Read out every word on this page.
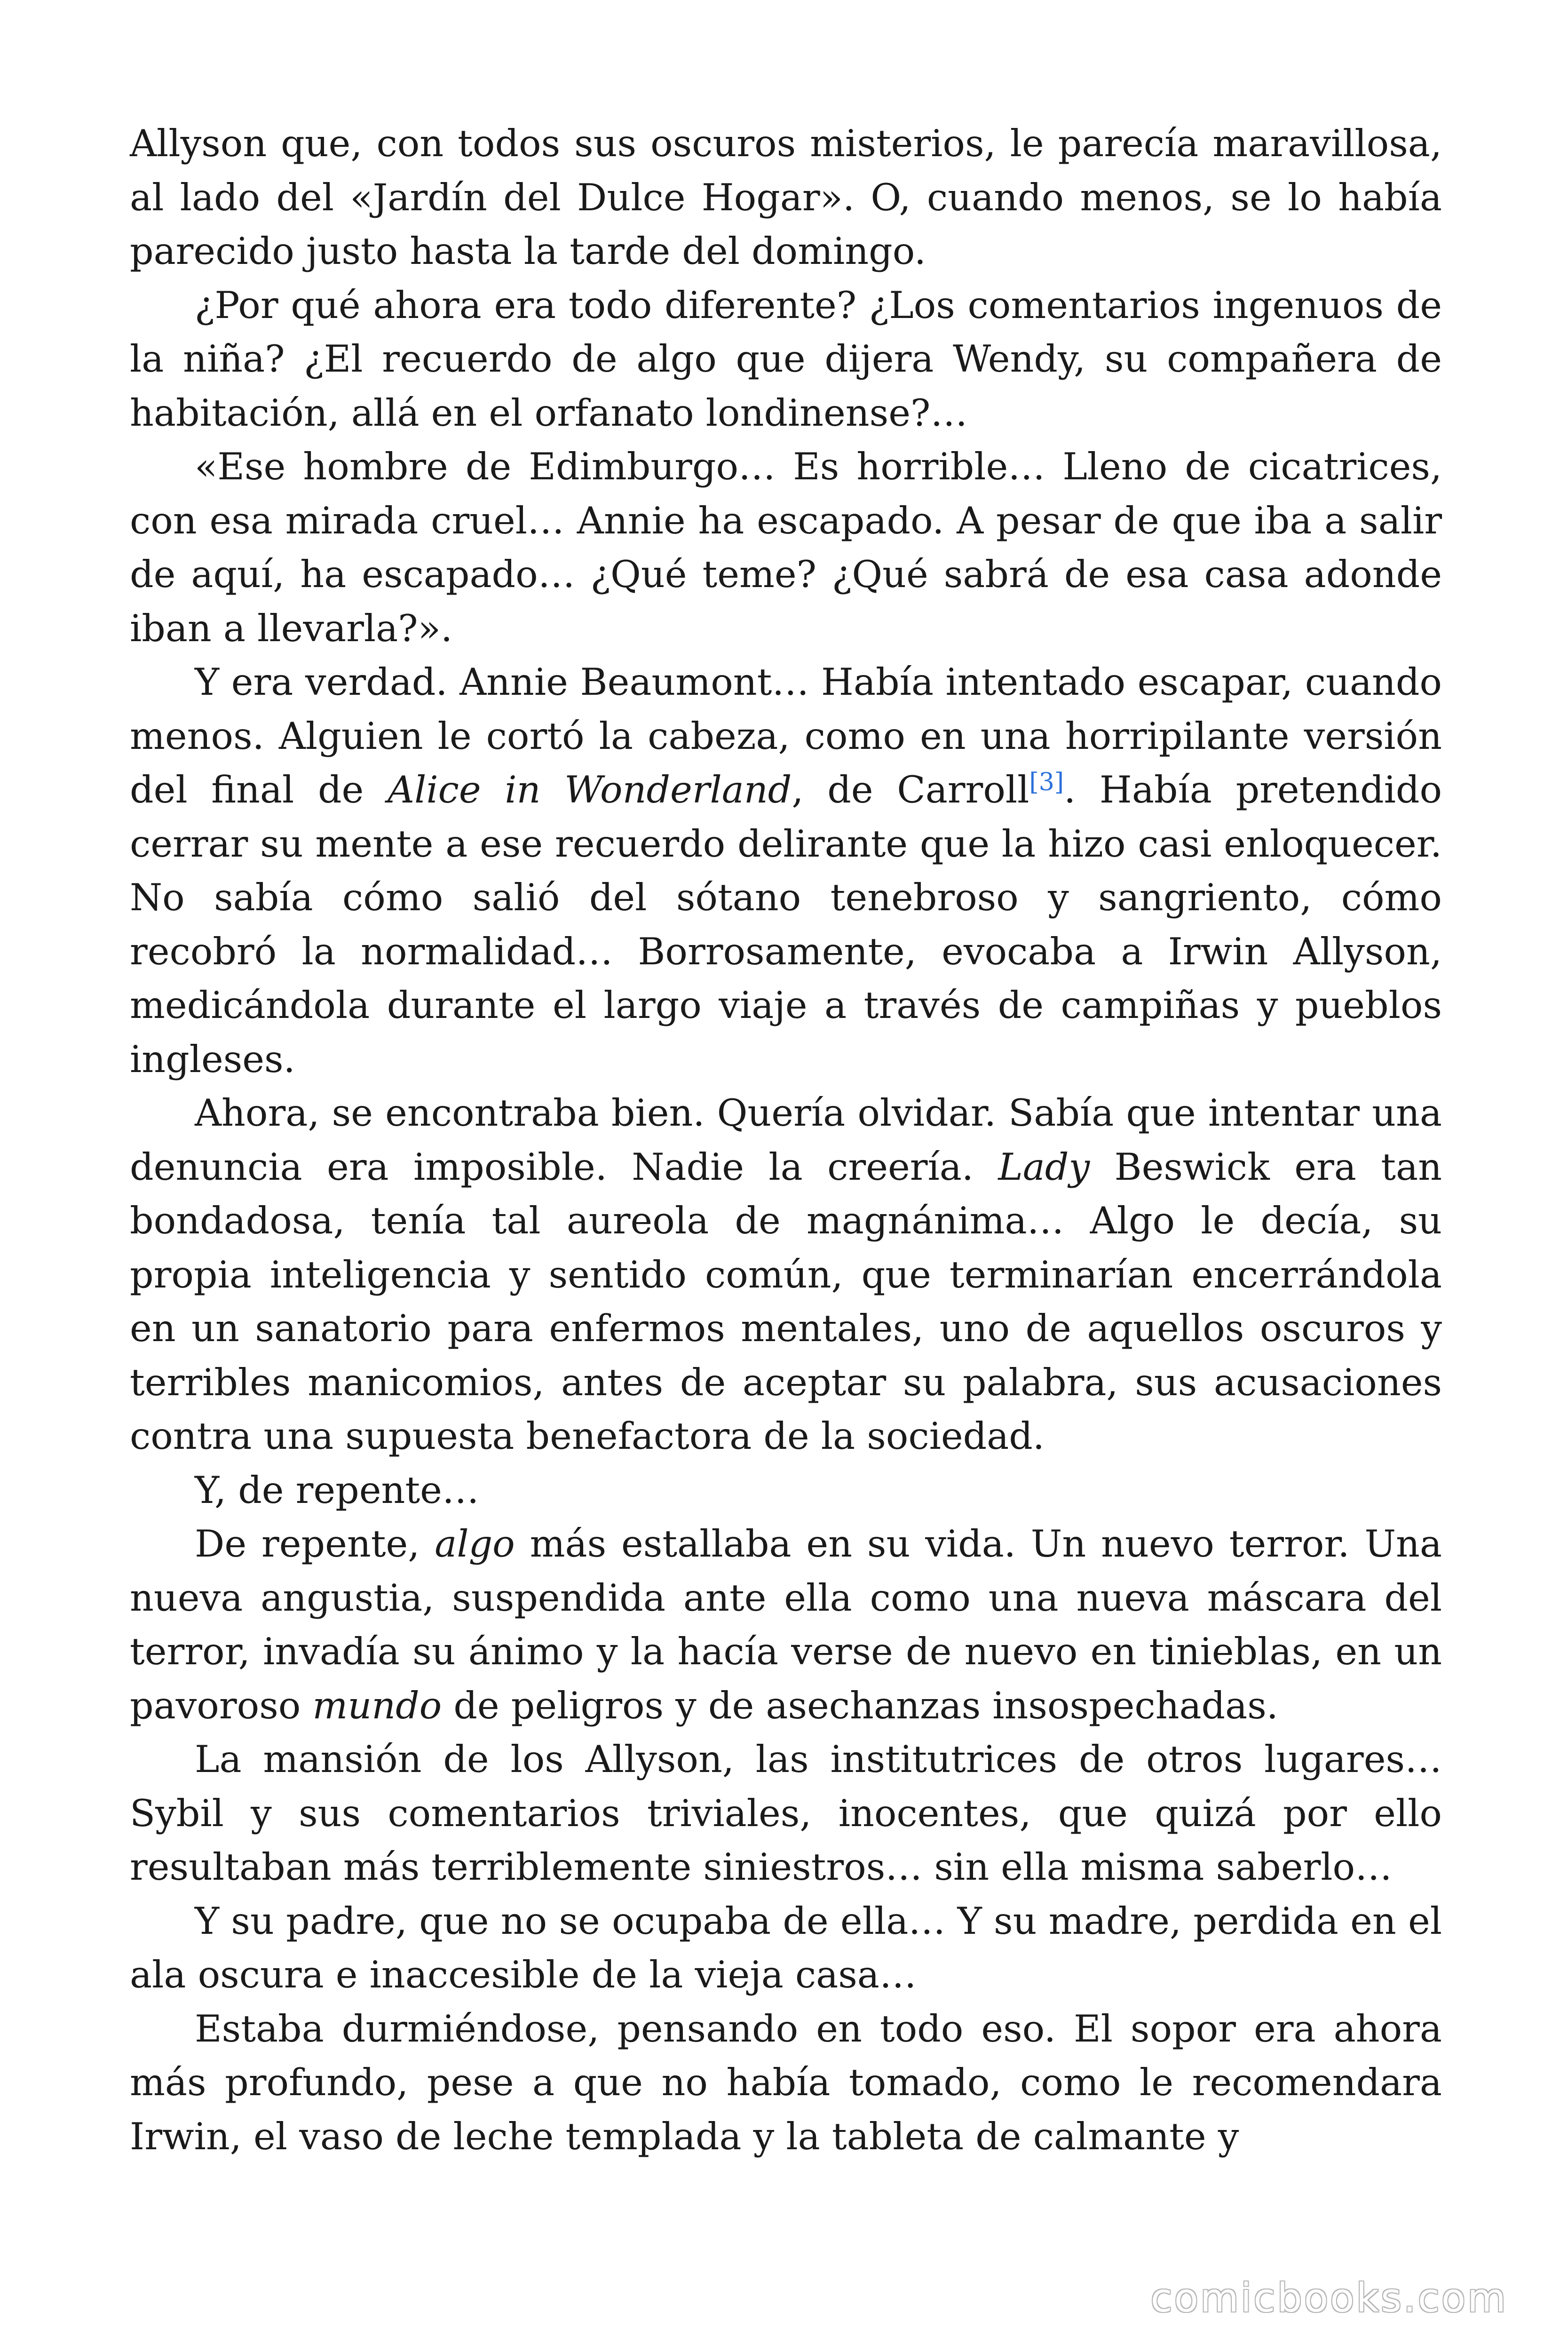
Allyson que, con todos sus oscuros misterios, le parecía maravillosa, al lado del «Jardín del Dulce Hogar». O, cuando menos, se lo había parecido justo hasta la tarde del domingo.

¿Por qué ahora era todo diferente? ¿Los comentarios ingenuos de la niña? ¿El recuerdo de algo que dijera Wendy, su compañera de habitación, allá en el orfanato londinense?…

«Ese hombre de Edimburgo… Es horrible… Lleno de cicatrices, con esa mirada cruel… Annie ha escapado. A pesar de que iba a salir de aquí, ha escapado… ¿Qué teme? ¿Qué sabrá de esa casa adonde iban a llevarla?».

Y era verdad. Annie Beaumont… Había intentado escapar, cuando menos. Alguien le cortó la cabeza, como en una horripilante versión del final de Alice in Wonderland, de Carroll[3]. Había pretendido cerrar su mente a ese recuerdo delirante que la hizo casi enloquecer. No sabía cómo salió del sótano tenebroso y sangriento, cómo recobró la normalidad… Borrosamente, evocaba a Irwin Allyson, medicándola durante el largo viaje a través de campiñas y pueblos ingleses.

Ahora, se encontraba bien. Quería olvidar. Sabía que intentar una denuncia era imposible. Nadie la creería. Lady Beswick era tan bondadosa, tenía tal aureola de magnánima… Algo le decía, su propia inteligencia y sentido común, que terminarían encerrándola en un sanatorio para enfermos mentales, uno de aquellos oscuros y terribles manicomios, antes de aceptar su palabra, sus acusaciones contra una supuesta benefactora de la sociedad.

Y, de repente…

De repente, algo más estallaba en su vida. Un nuevo terror. Una nueva angustia, suspendida ante ella como una nueva máscara del terror, invadía su ánimo y la hacía verse de nuevo en tinieblas, en un pavoroso mundo de peligros y de asechanzas insospechadas.

La mansión de los Allyson, las institutrices de otros lugares… Sybil y sus comentarios triviales, inocentes, que quizá por ello resultaban más terriblemente siniestros… sin ella misma saberlo…

Y su padre, que no se ocupaba de ella… Y su madre, perdida en el ala oscura e inaccesible de la vieja casa…

Estaba durmiéndose, pensando en todo eso. El sopor era ahora más profundo, pese a que no había tomado, como le recomendara Irwin, el vaso de leche templada y la tableta de calmante y

comicbooks.com
